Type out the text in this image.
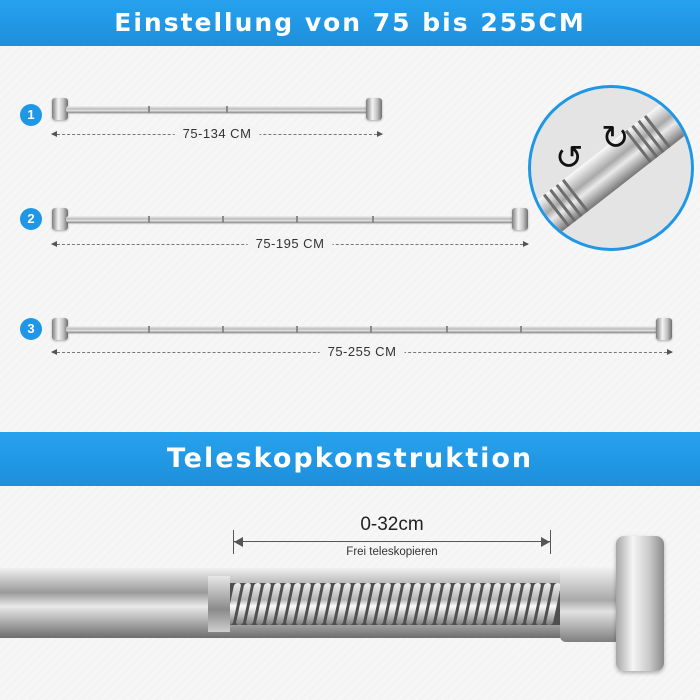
Einstellung von 75 bis 255CM
1
75-134 CM
2
75-195 CM
3
75-255 CM
↺ ↻
Teleskopkonstruktion
0-32cm
Frei teleskopieren
